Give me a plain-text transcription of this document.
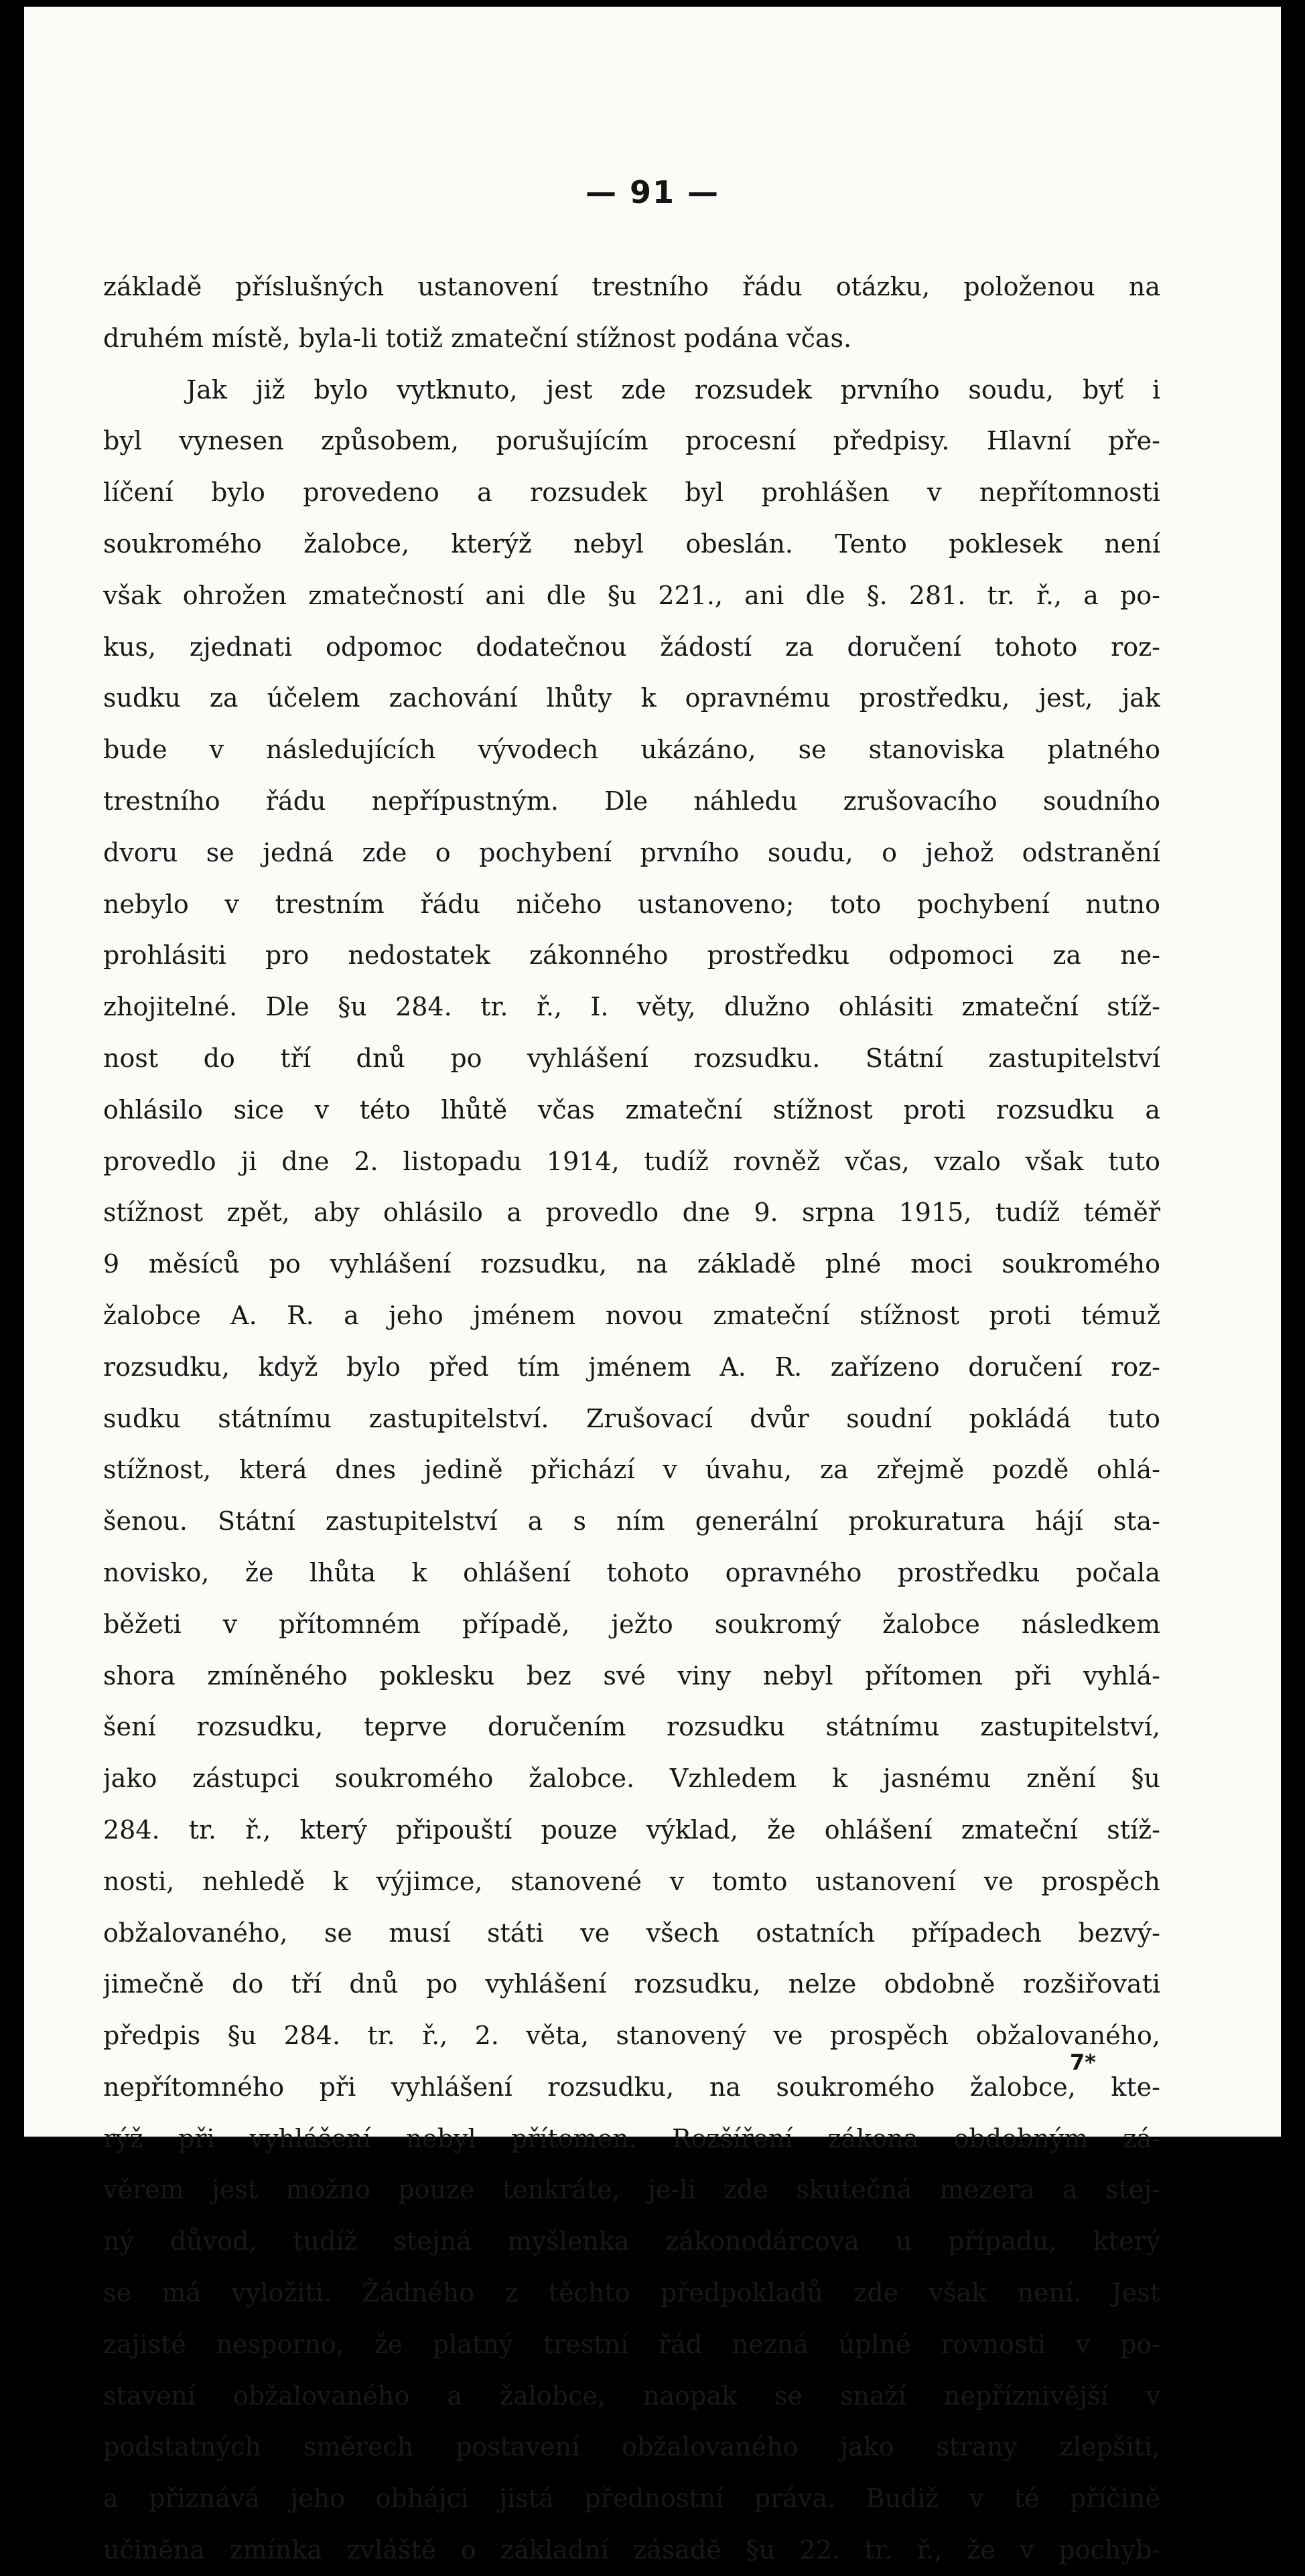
— 91 —
základě příslušných ustanovení trestního řádu otázku, položenou na
druhém místě, byla-li totiž zmateční stížnost podána včas.
Jak již bylo vytknuto, jest zde rozsudek prvního soudu, byť i
byl vynesen způsobem, porušujícím procesní předpisy. Hlavní pře-
líčení bylo provedeno a rozsudek byl prohlášen v nepřítomnosti
soukromého žalobce, kterýž nebyl obeslán. Tento poklesek není
však ohrožen zmatečností ani dle §u 221., ani dle §. 281. tr. ř., a po-
kus, zjednati odpomoc dodatečnou žádostí za doručení tohoto roz-
sudku za účelem zachování lhůty k opravnému prostředku, jest, jak
bude v následujících vývodech ukázáno, se stanoviska platného
trestního řádu nepřípustným. Dle náhledu zrušovacího soudního
dvoru se jedná zde o pochybení prvního soudu, o jehož odstranění
nebylo v trestním řádu ničeho ustanoveno; toto pochybení nutno
prohlásiti pro nedostatek zákonného prostředku odpomoci za ne-
zhojitelné. Dle §u 284. tr. ř., I. věty, dlužno ohlásiti zmateční stíž-
nost do tří dnů po vyhlášení rozsudku. Státní zastupitelství
ohlásilo sice v této lhůtě včas zmateční stížnost proti rozsudku a
provedlo ji dne 2. listopadu 1914, tudíž rovněž včas, vzalo však tuto
stížnost zpět, aby ohlásilo a provedlo dne 9. srpna 1915, tudíž téměř
9 měsíců po vyhlášení rozsudku, na základě plné moci soukromého
žalobce A. R. a jeho jménem novou zmateční stížnost proti témuž
rozsudku, když bylo před tím jménem A. R. zařízeno doručení roz-
sudku státnímu zastupitelství. Zrušovací dvůr soudní pokládá tuto
stížnost, která dnes jedině přichází v úvahu, za zřejmě pozdě ohlá-
šenou. Státní zastupitelství a s ním generální prokuratura hájí sta-
novisko, že lhůta k ohlášení tohoto opravného prostředku počala
běžeti v přítomném případě, ježto soukromý žalobce následkem
shora zmíněného poklesku bez své viny nebyl přítomen při vyhlá-
šení rozsudku, teprve doručením rozsudku státnímu zastupitelství,
jako zástupci soukromého žalobce. Vzhledem k jasnému znění §u
284. tr. ř., který připouští pouze výklad, že ohlášení zmateční stíž-
nosti, nehledě k výjimce, stanovené v tomto ustanovení ve prospěch
obžalovaného, se musí státi ve všech ostatních případech bezvý-
jimečně do tří dnů po vyhlášení rozsudku, nelze obdobně rozšiřovati
předpis §u 284. tr. ř., 2. věta, stanovený ve prospěch obžalovaného,
nepřítomného při vyhlášení rozsudku, na soukromého žalobce, kte-
rýž při vyhlášení nebyl přítomen. Rozšíření zákona obdobným zá-
věrem jest možno pouze tenkráte, je-li zde skutečná mezera a stej-
ný důvod, tudíž stejná myšlenka zákonodárcova u případu, který
se má vyložiti. Žádného z těchto předpokladů zde však není. Jest
zajisté nesporno, že platný trestní řád nezná úplné rovnosti v po-
stavení obžalovaného a žalobce, naopak se snaží nepříznivější v
podstatných směrech postavení obžalovaného jako strany zlepšiti,
a přiznává jeho obhájci jistá přednostní práva. Budiž v té příčině
učiněna zmínka zvláště o základní zásadě §u 22. tr. ř., že v pochyb-
7*
